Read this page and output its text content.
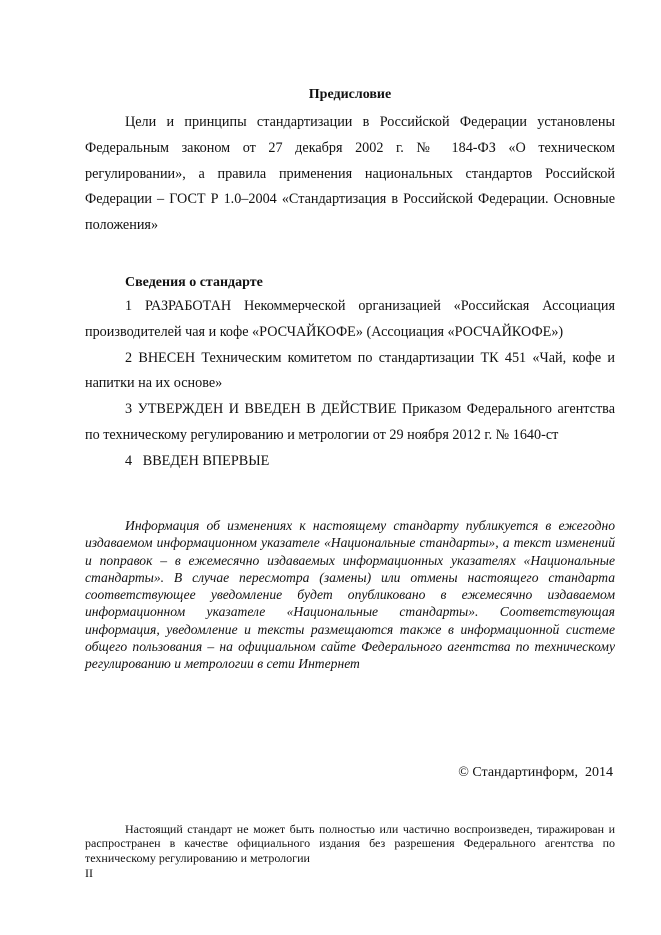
Предисловие

Цели и принципы стандартизации в Российской Федерации установлены Федеральным законом от 27 декабря 2002 г. № 184-ФЗ «О техническом регулировании», а правила применения национальных стандартов Российской Федерации – ГОСТ Р 1.0–2004 «Стандартизация в Российской Федерации. Основные положения»

Сведения о стандарте

1 РАЗРАБОТАН Некоммерческой организацией «Российская Ассоциация производителей чая и кофе «РОСЧАЙКОФЕ» (Ассоциация «РОСЧАЙКОФЕ»)

2 ВНЕСЕН Техническим комитетом по стандартизации ТК 451 «Чай, кофе и напитки на их основе»

3 УТВЕРЖДЕН И ВВЕДЕН В ДЕЙСТВИЕ Приказом Федерального агентства по техническому регулированию и метрологии от 29 ноября 2012 г. № 1640-ст

4   ВВЕДЕН ВПЕРВЫЕ

Информация об изменениях к настоящему стандарту публикуется в ежегодно издаваемом информационном указателе «Национальные стандарты», а текст изменений и поправок – в ежемесячно издаваемых информационных указателях «Национальные стандарты». В случае пересмотра (замены) или отмены настоящего стандарта соответствующее уведомление будет опубликовано в ежемесячно издаваемом информационном указателе «Национальные стандарты». Соответствующая информация, уведомление и тексты размещаются также в информационной системе общего пользования – на официальном сайте Федерального агентства по техническому регулированию и метрологии в сети Интернет

© Стандартинформ,  2014

Настоящий стандарт не может быть полностью или частично воспроизведен, тиражирован и распространен в качестве официального издания без разрешения Федерального агентства по техническому регулированию и метрологии

II
